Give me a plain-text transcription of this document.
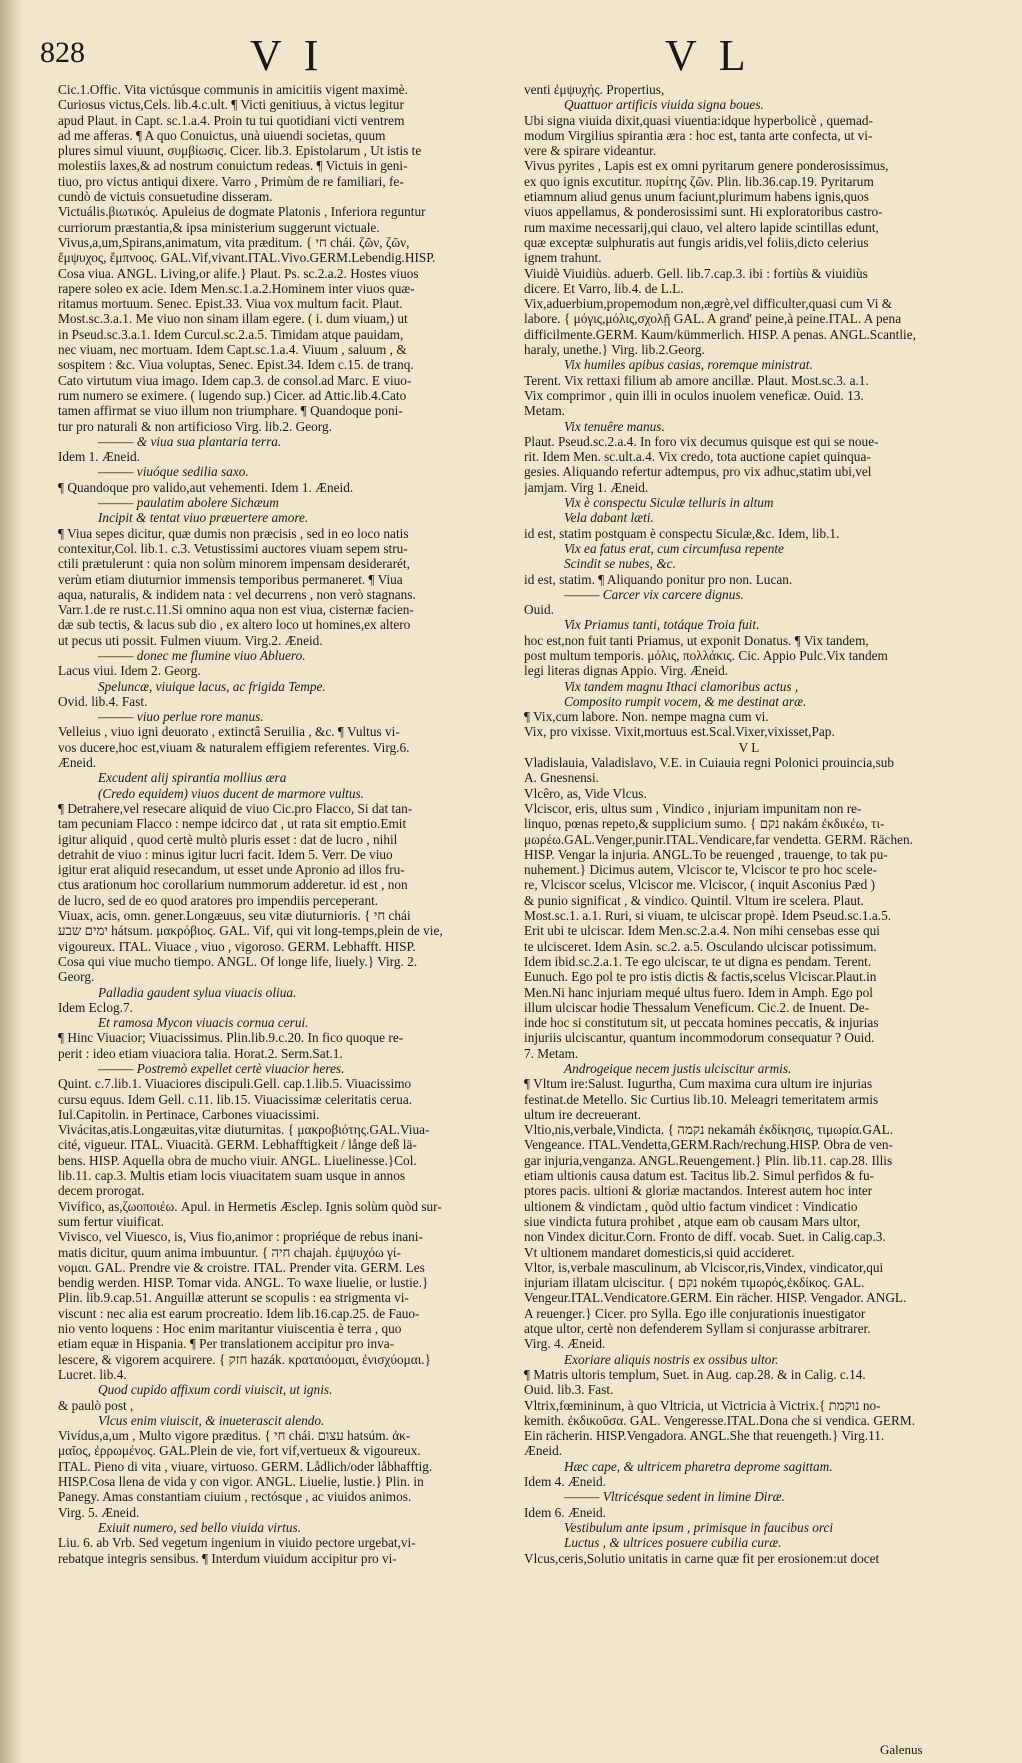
828	VI	VL
Cic.1.Offic. Vita victúsque communis in amicitiis vigent maximè.
Curiosus victus,Cels. lib.4.c.ult. ¶ Victi genitiuus, à victus legitur
apud Plaut. in Capt. sc.1.a.4. Proin tu tui quotidiani victi ventrem
ad me afferas. ¶ A quo Conuictus, unà uiuendi societas, quum
plures simul viuunt, συμβίωσις. Cicer. lib.3. Epistolarum , Ut istis te
molestiis laxes,& ad nostrum conuictum redeas. ¶ Victuis in geni-
tiuo, pro victus antiqui dixere. Varro , Primùm de re familiari, fe-
cundò de victuis consuetudine disseram.
Victuális.βιωτικός. Apuleius de dogmate Platonis , Inferiora reguntur
curriorum præstantia,& ipsa ministerium suggerunt victuale.
Vivus,a,um,Spirans,animatum, vita præditum. { חי chái. ζῶν, ζῶν,
ἔμψυχος, ἔμπνοος. GAL.Vif,vivant.ITAL.Vivo.GERM.Lebendig.HISP.
Cosa viua. ANGL. Living,or alife.} Plaut. Ps. sc.2.a.2. Hostes viuos
rapere soleo ex acie. Idem Men.sc.1.a.2.Hominem inter viuos quæ-
ritamus mortuum. Senec. Epist.33. Viua vox multum facit. Plaut.
Most.sc.3.a.1. Me viuo non sinam illam egere. ( i. dum viuam,) ut
in Pseud.sc.3.a.1. Idem Curcul.sc.2.a.5. Timidam atque pauidam,
nec viuam, nec mortuam. Idem Capt.sc.1.a.4. Viuum , saluum , &
sospitem : &c. Viua voluptas, Senec. Epist.34. Idem c.15. de tranq.
Cato virtutum viua imago. Idem cap.3. de consol.ad Marc. E viuo-
rum numero se eximere. ( lugendo sup.) Cicer. ad Attic.lib.4.Cato
tamen affirmat se viuo illum non triumphare. ¶ Quandoque poni-
tur pro naturali & non artificioso Virg. lib.2. Georg.
——— & viua sua plantaria terra.
Idem 1. Æneid.
——— viuóque sedilia saxo.
¶ Quandoque pro valido,aut vehementi. Idem 1. Æneid.
——— paulatim abolere Sichæum
Incipit & tentat viuo præuertere amore.
¶ Viua sepes dicitur, quæ dumis non præcisis , sed in eo loco natis
contexitur,Col. lib.1. c.3. Vetustissimi auctores viuam sepem stru-
ctili prætulerunt : quia non solùm minorem impensam desiderarét,
verùm etiam diuturnior immensis temporibus permaneret. ¶ Viua
aqua, naturalis, & indidem nata : vel decurrens , non verò stagnans.
Varr.1.de re rust.c.11.Si omnino aqua non est viua, cisternæ facien-
dæ sub tectis, & lacus sub dio , ex altero loco ut homines,ex altero
ut pecus uti possit. Fulmen viuum. Virg.2. Æneid.
——— donec me flumine viuo Abluero.
Lacus viui. Idem 2. Georg.
Speluncæ, viuique lacus, ac frigida Tempe.
Ovid. lib.4. Fast.
——— viuo perlue rore manus.
Velleius , viuo igni deuorato , extinctâ Seruilia , &c. ¶ Vultus vi-
vos ducere,hoc est,viuam & naturalem effigiem referentes. Virg.6.
Æneid.
Excudent alij spirantia mollius æra
(Credo equidem) viuos ducent de marmore vultus.
¶ Detrahere,vel resecare aliquid de viuo Cic.pro Flacco, Si dat tan-
tam pecuniam Flacco : nempe idcirco dat , ut rata sit emptio.Emit
igitur aliquid , quod certè multò pluris esset : dat de lucro , nihil
detrahit de viuo : minus igitur lucri facit. Idem 5. Verr. De viuo
igitur erat aliquid resecandum, ut esset unde Apronio ad illos fru-
ctus arationum hoc corollarium nummorum adderetur. id est , non
de lucro, sed de eo quod aratores pro impendiis perceperant.
Viuax, acis, omn. gener.Longæuus, seu vitæ diuturnioris. { חי chái
ימים שבע hátsum. μακρόβιος. GAL. Vif, qui vit long-temps,plein de vie,
vigoureux. ITAL. Viuace , viuo , vigoroso. GERM. Lebhafft. HISP.
Cosa qui viue mucho tiempo. ANGL. Of longe life, liuely.} Virg. 2.
Georg.
Palladia gaudent sylua viuacis oliua.
Idem Eclog.7.
Et ramosa Mycon viuacis cornua cerui.
¶ Hinc Viuacior; Viuacissimus. Plin.lib.9.c.20. In fico quoque re-
perit : ideo etiam viuaciora talia. Horat.2. Serm.Sat.1.
——— Postremò expellet certè viuacior heres.
Quint. c.7.lib.1. Viuaciores discipuli.Gell. cap.1.lib.5. Viuacissimo
cursu equus. Idem Gell. c.11. lib.15. Viuacissimæ celeritatis cerua.
Iul.Capitolin. in Pertinace, Carbones viuacissimi.
Vivácitas,atis.Longæuitas,vitæ diuturnitas. { μακροβιότης.GAL.Viua-
cité, vigueur. ITAL. Viuacità. GERM. Lebhafftigkeit / långe deß lä-
bens. HISP. Aquella obra de mucho viuir. ANGL. Liuelinesse.}Col.
lib.11. cap.3. Multis etiam locis viuacitatem suam usque in annos
decem prorogat.
Vivífico, as,ζωοποιέω. Apul. in Hermetis Æsclep. Ignis solùm quòd sur-
sum fertur viuificat.
Vivisco, vel Viuesco, is, Vius fio,animor : propriéque de rebus inani-
matis dicitur, quum anima imbuuntur. { חיה chajah. ἐμψυχόω γί-
νομαι. GAL. Prendre vie & croistre. ITAL. Prender vita. GERM. Les
bendig werden. HISP. Tomar vida. ANGL. To waxe liuelie, or lustie.}
Plin. lib.9.cap.51. Anguillæ atterunt se scopulis : ea strigmenta vi-
viscunt : nec alia est earum procreatio. Idem lib.16.cap.25. de Fauo-
nio vento loquens : Hoc enim maritantur viuiscentia è terra , quo
etiam equæ in Hispania. ¶ Per translationem accipitur pro inva-
lescere, & vigorem acquirere. { חזק hazák. κραταιόομαι, ἐνισχύομαι.}
Lucret. lib.4.
Quod cupido affixum cordi viuiscit, ut ignis.
& paulò post ,
Vlcus enim viuiscit, & inueterascit alendo.
Vivídus,a,um , Multo vigore præditus. { חי chái. עצום hatsúm. ἀκ-
μαῖος, ἐρρωμένος. GAL.Plein de vie, fort vif,vertueux & vigoureux.
ITAL. Pieno di vita , viuare, virtuoso. GERM. Lådlich/oder låbhafftig.
HISP.Cosa llena de vida y con vigor. ANGL. Liuelie, lustie.} Plin. in
Panegy. Amas constantiam ciuium , rectósque , ac viuidos animos.
Virg. 5. Æneid.
Exiuit numero, sed bello viuida virtus.
Liu. 6. ab Vrb. Sed vegetum ingenium in viuido pectore urgebat,vi-
rebatque integris sensibus. ¶ Interdum viuidum accipitur pro vi-
venti ἐμψυχής. Propertius,
Quattuor artificis viuida signa boues.
Ubi signa viuida dixit,quasi viuentia:idque hyperbolicè , quemad-
modum Virgilius spirantia æra : hoc est, tanta arte confecta, ut vi-
vere & spirare videantur.
Vivus pyrites , Lapis est ex omni pyritarum genere ponderosissimus,
ex quo ignis excutitur. πυρίτης ζῶν. Plin. lib.36.cap.19. Pyritarum
etiamnum aliud genus unum faciunt,plurimum habens ignis,quos
viuos appellamus, & ponderosissimi sunt. Hi exploratoribus castro-
rum maxime necessarij,qui clauo, vel altero lapide scintillas edunt,
quæ exceptæ sulphuratis aut fungis aridis,vel foliis,dicto celerius
ignem trahunt.
Viuidè Viuidiùs. aduerb. Gell. lib.7.cap.3. ibi : fortiùs & viuidiùs
dicere. Et Varro, lib.4. de L.L.
Vix,aduerbium,propemodum non,ægrè,vel difficulter,quasi cum Vi &
labore. { μόγις,μόλις,σχολῇ GAL. A grand' peine,à peine.ITAL. A pena
difficilmente.GERM. Kaum/kümmerlich. HISP. A penas. ANGL.Scantlie,
haraly, unethe.} Virg. lib.2.Georg.
Vix humiles apibus casias, roremque ministrat.
Terent. Vix rettaxi filium ab amore ancillæ. Plaut. Most.sc.3. a.1.
Vix comprimor , quin illi in oculos inuolem veneficæ. Ouid. 13.
Metam.
Vix tenuêre manus.
Plaut. Pseud.sc.2.a.4. In foro vix decumus quisque est qui se noue-
rit. Idem Men. sc.ult.a.4. Vix credo, tota auctione capiet quinqua-
gesies. Aliquando refertur adtempus, pro vix adhuc,statim ubi,vel
jamjam. Virg 1. Æneid.
Vix è conspectu Siculæ telluris in altum
Vela dabant læti.
id est, statim postquam è conspectu Siculæ,&c. Idem, lib.1.
Vix ea fatus erat, cum circumfusa repente
Scindit se nubes, &c.
id est, statim. ¶ Aliquando ponitur pro non. Lucan.
——— Carcer vix carcere dignus.
Ouid.
Vix Priamus tanti, totáque Troia fuit.
hoc est,non fuit tanti Priamus, ut exponit Donatus. ¶ Vix tandem,
post multum temporis. μόλις, πολλάκις. Cic. Appio Pulc.Vix tandem
legi literas dignas Appio. Virg. Æneid.
Vix tandem magnu Ithaci clamoribus actus ,
Composito rumpit vocem, & me destinat aræ.
¶ Vix,cum labore. Non. nempe magna cum vi.
Vix, pro vixisse. Vixit,mortuus est.Scal.Vixer,vixisset,Pap.
V L
Vladislauia, Valadislavo, V.E. in Cuiauia regni Polonici prouincia,sub
A. Gnesnensi.
Vlcêro, as, Vide Vlcus.
Vlciscor, eris, ultus sum , Vindico , injuriam impunitam non re-
linquo, pœnas repeto,& supplicium sumo. { נקם nakám ἐκδικέω, τι-
μωρέω.GAL.Venger,punir.ITAL.Vendicare,far vendetta. GERM. Rächen.
HISP. Vengar la injuria. ANGL.To be reuenged , trauenge, to tak pu-
nuhement.} Dicimus autem, Vlciscor te, Vlciscor te pro hoc scele-
re, Vlciscor scelus, Vlciscor me. Vlciscor, ( inquit Asconius Pæd )
& punio significat , & vindico. Quintil. Vltum ire scelera. Plaut.
Most.sc.1. a.1. Ruri, si viuam, te ulciscar propè. Idem Pseud.sc.1.a.5.
Erit ubi te ulciscar. Idem Men.sc.2.a.4. Non mihi censebas esse qui
te ulcisceret. Idem Asin. sc.2. a.5. Osculando ulciscar potissimum.
Idem ibid.sc.2.a.1. Te ego ulciscar, te ut digna es pendam. Terent.
Eunuch. Ego pol te pro istis dictis & factis,scelus Vlciscar.Plaut.in
Men.Ni hanc injuriam mequé ultus fuero. Idem in Amph. Ego pol
illum ulciscar hodie Thessalum Veneficum. Cic.2. de Inuent. De-
inde hoc si constitutum sit, ut peccata homines peccatis, & injurias
injuriis ulciscantur, quantum incommodorum consequatur ? Ouid.
7. Metam.
Androgeique necem justis ulciscitur armis.
¶ Vltum ire:Salust. Iugurtha, Cum maxima cura ultum ire injurias
festinat.de Metello. Sic Curtius lib.10. Meleagri temeritatem armis
ultum ire decreuerant.
Vltio,nis,verbale,Vindicta. { נקמה nekamáh ἐκδίκησις, τιμωρία.GAL.
Vengeance. ITAL.Vendetta,GERM.Rach/rechung.HISP. Obra de ven-
gar injuria,venganza. ANGL.Reuengement.} Plin. lib.11. cap.28. Illis
etiam ultionis causa datum est. Tacitus lib.2. Simul perfidos & fu-
ptores pacis. ultioni & gloriæ mactandos. Interest autem hoc inter
ultionem & vindictam , quòd ultio factum vindicet : Vindicatio
siue vindicta futura prohibet , atque eam ob causam Mars ultor,
non Vindex dicitur.Corn. Fronto de diff. vocab. Suet. in Calig.cap.3.
Vt ultionem mandaret domesticis,si quid accideret.
Vltor, is,verbale masculinum, ab Vlciscor,ris,Vindex, vindicator,qui
injuriam illatam ulciscitur. { נקם nokém τιμωρός,ἐκδίκος. GAL.
Vengeur.ITAL.Vendicatore.GERM. Ein rächer. HISP. Vengador. ANGL.
A reuenger.} Cicer. pro Sylla. Ego ille conjurationis inuestigator
atque ultor, certè non defenderem Syllam si conjurasse arbitrarer.
Virg. 4. Æneid.
Exoriare aliquis nostris ex ossibus ultor.
¶ Matris ultoris templum, Suet. in Aug. cap.28. & in Calig. c.14.
Ouid. lib.3. Fast.
Vltrix,fœmininum, à quo Vltricia, ut Victricia à Victrix.{ נוקמת no-
kemith. ἐκδικοῦσα. GAL. Vengeresse.ITAL.Dona che si vendica. GERM.
Ein rächerin. HISP.Vengadora. ANGL.She that reuengeth.} Virg.11.
Æneid.
Hæc cape, & ultricem pharetra deprome sagittam.
Idem 4. Æneid.
——— Vltricésque sedent in limine Diræ.
Idem 6. Æneid.
Vestibulum ante ipsum , primisque in faucibus orci
Luctus , & ultrices posuere cubilia curæ.
Vlcus,ceris,Solutio unitatis in carne quæ fit per erosionem:ut docet
Galenus
